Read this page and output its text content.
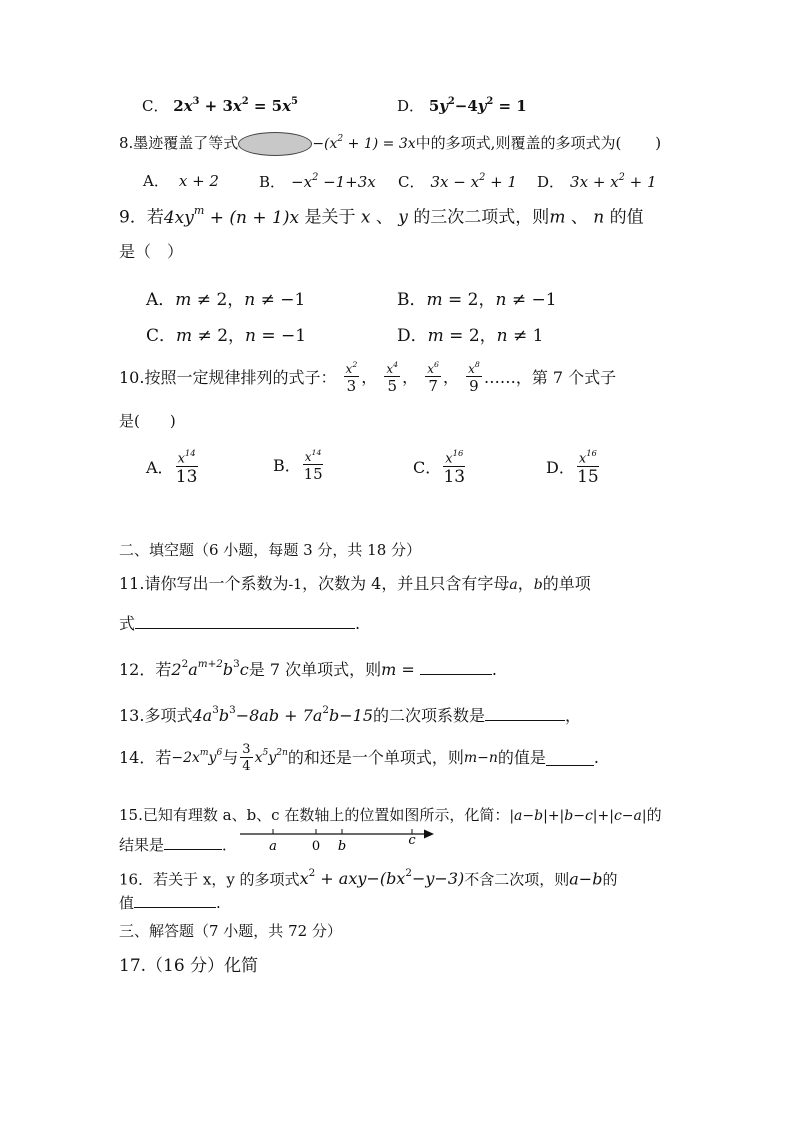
C． $2x^3 + 3x^2 = 5x^5$	D． $5y^2-4y^2 = 1$
8.墨迹覆盖了等式	$-(x^2 + 1) = 3x$中的多项式,则覆盖的多项式为( )
A． x + 2	B． $-x^2 -1+3x$ C． $3x - x^2 + 1$ D． $3x + x^2 + 1$
9．若$4xy^m + (n + 1)x$ 是关于 x 、 y 的三次二项式，则m 、 n 的值
是（　）
A．m ≠ 2，n ≠ −1	B．m = 2，n ≠ −1
C．m ≠ 2，n = −1	D．m = 2，n ≠ 1
10.按照一定规律排列的式子： $\frac{x^2}{3}$ ， $\frac{x^4}{5}$ ， $\frac{x^6}{7}$ ， $\frac{x^8}{9}$ ……，第 7 个式子
是(　　)
A． $\frac{x^{14}}{13}$	B． $\frac{x^{14}}{15}$	C． $\frac{x^{16}}{13}$	D． $\frac{x^{16}}{15}$
二、填空题（6 小题，每题 3 分，共 18 分）
11.请你写出一个系数为-1，次数为 4，并且只含有字母a，b的单项
式	.
12．若$2^2a^{m+2}b^3c$是 7 次单项式，则m =	.
13.多项式$4a^3b^3-8ab + 7a^2b-15$的二次项系数是	，
14．若$-2x^my^6$与 $\frac{3}{4} x^5y^{2n}$的和还是一个单项式，则m−n的值是	.
15.已知有理数 a、b、c 在数轴上的位置如图所示，化简：|a−b|+|b−c|+|c−a|的
结果是	． a	0 b	c
16．若关于 x，y 的多项式$x^2 + axy-(bx^2-y-3)$不含二次项，则a−b的
值	.
三、解答题（7 小题，共 72 分）
17.（16 分）化简
